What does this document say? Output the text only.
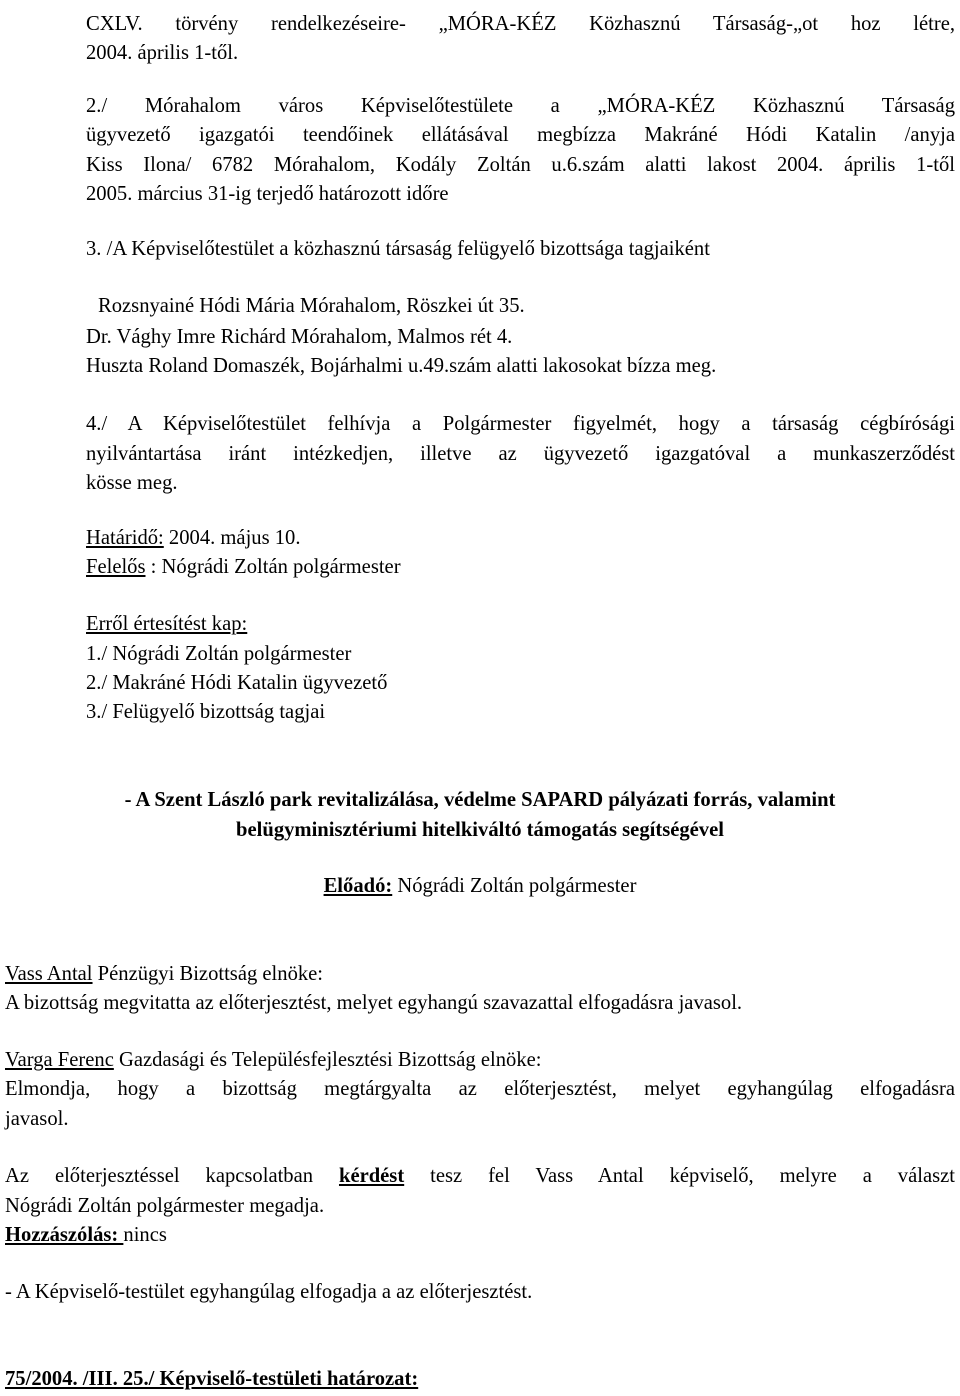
CXLV. törvény rendelkezéseire- „MÓRA-KÉZ Közhasznú Társaság-„ot hoz létre,
2004. április 1-től.
2./ Mórahalom város Képviselőtestülete a „MÓRA-KÉZ Közhasznú Társaság
ügyvezető igazgatói teendőinek ellátásával megbízza Makráné Hódi Katalin /anyja
Kiss Ilona/ 6782 Mórahalom, Kodály Zoltán u.6.szám alatti lakost 2004. április 1-től
2005. március 31-ig terjedő határozott időre
3. /A Képviselőtestület a közhasznú társaság felügyelő bizottsága tagjaiként
Rozsnyainé Hódi Mária Mórahalom, Röszkei út 35.
Dr. Vághy Imre Richárd Mórahalom, Malmos rét 4.
Huszta Roland Domaszék, Bojárhalmi u.49.szám alatti lakosokat bízza meg.
4./ A Képviselőtestület felhívja a Polgármester figyelmét, hogy a társaság cégbírósági
nyilvántartása iránt intézkedjen, illetve az ügyvezető igazgatóval a munkaszerződést
kösse meg.
Határidő: 2004. május 10.
Felelős : Nógrádi Zoltán polgármester
Erről értesítést kap:
1./ Nógrádi Zoltán polgármester
2./ Makráné Hódi Katalin ügyvezető
3./ Felügyelő bizottság tagjai
- A Szent László park revitalizálása, védelme SAPARD pályázati forrás, valamint
belügyminisztériumi hitelkiváltó támogatás segítségével
Előadó: Nógrádi Zoltán polgármester
Vass Antal Pénzügyi Bizottság elnöke:
A bizottság megvitatta az előterjesztést, melyet egyhangú szavazattal elfogadásra javasol.
Varga Ferenc Gazdasági és Településfejlesztési Bizottság elnöke:
Elmondja, hogy a bizottság megtárgyalta az előterjesztést, melyet egyhangúlag elfogadásra
javasol.
Az előterjesztéssel kapcsolatban kérdést tesz fel Vass Antal képviselő, melyre a választ
Nógrádi Zoltán polgármester megadja.
Hozzászólás: nincs
- A Képviselő-testület egyhangúlag elfogadja a az előterjesztést.
75/2004. /III. 25./ Képviselő-testületi határozat:
